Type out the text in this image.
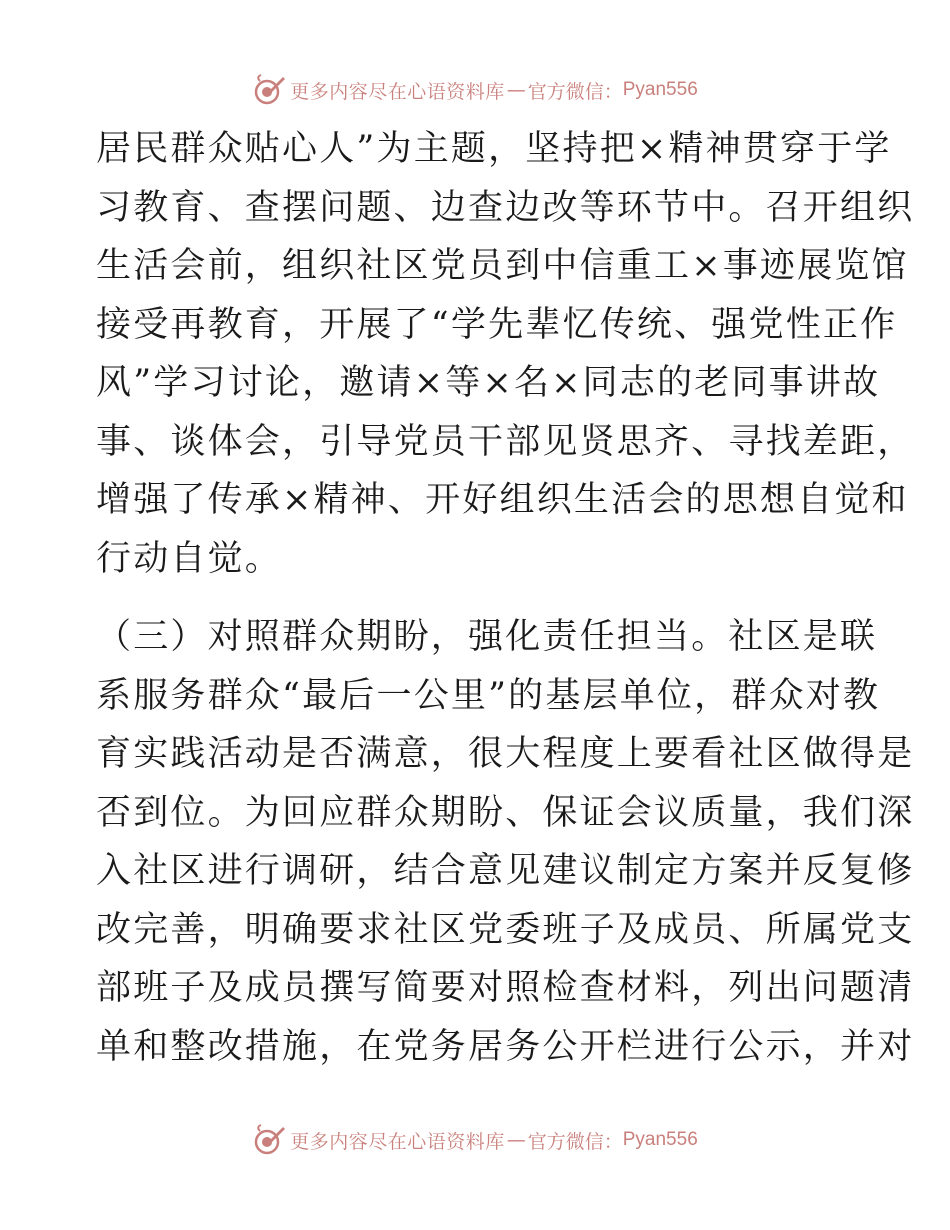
更多内容尽在心语资料库 — 官方微信： Pyan556

居民群众贴心人”为主题，坚持把×精神贯穿于学
习教育、查摆问题、边查边改等环节中。召开组织
生活会前，组织社区党员到中信重工×事迹展览馆
接受再教育，开展了“学先辈忆传统、强党性正作
风”学习讨论，邀请×等×名×同志的老同事讲故
事、谈体会，引导党员干部见贤思齐、寻找差距，
增强了传承×精神、开好组织生活会的思想自觉和
行动自觉。

（三）对照群众期盼，强化责任担当。社区是联
系服务群众“最后一公里”的基层单位，群众对教
育实践活动是否满意，很大程度上要看社区做得是
否到位。为回应群众期盼、保证会议质量，我们深
入社区进行调研，结合意见建议制定方案并反复修
改完善，明确要求社区党委班子及成员、所属党支
部班子及成员撰写简要对照检查材料，列出问题清
单和整改措施，在党务居务公开栏进行公示，并对

更多内容尽在心语资料库 — 官方微信： Pyan556
